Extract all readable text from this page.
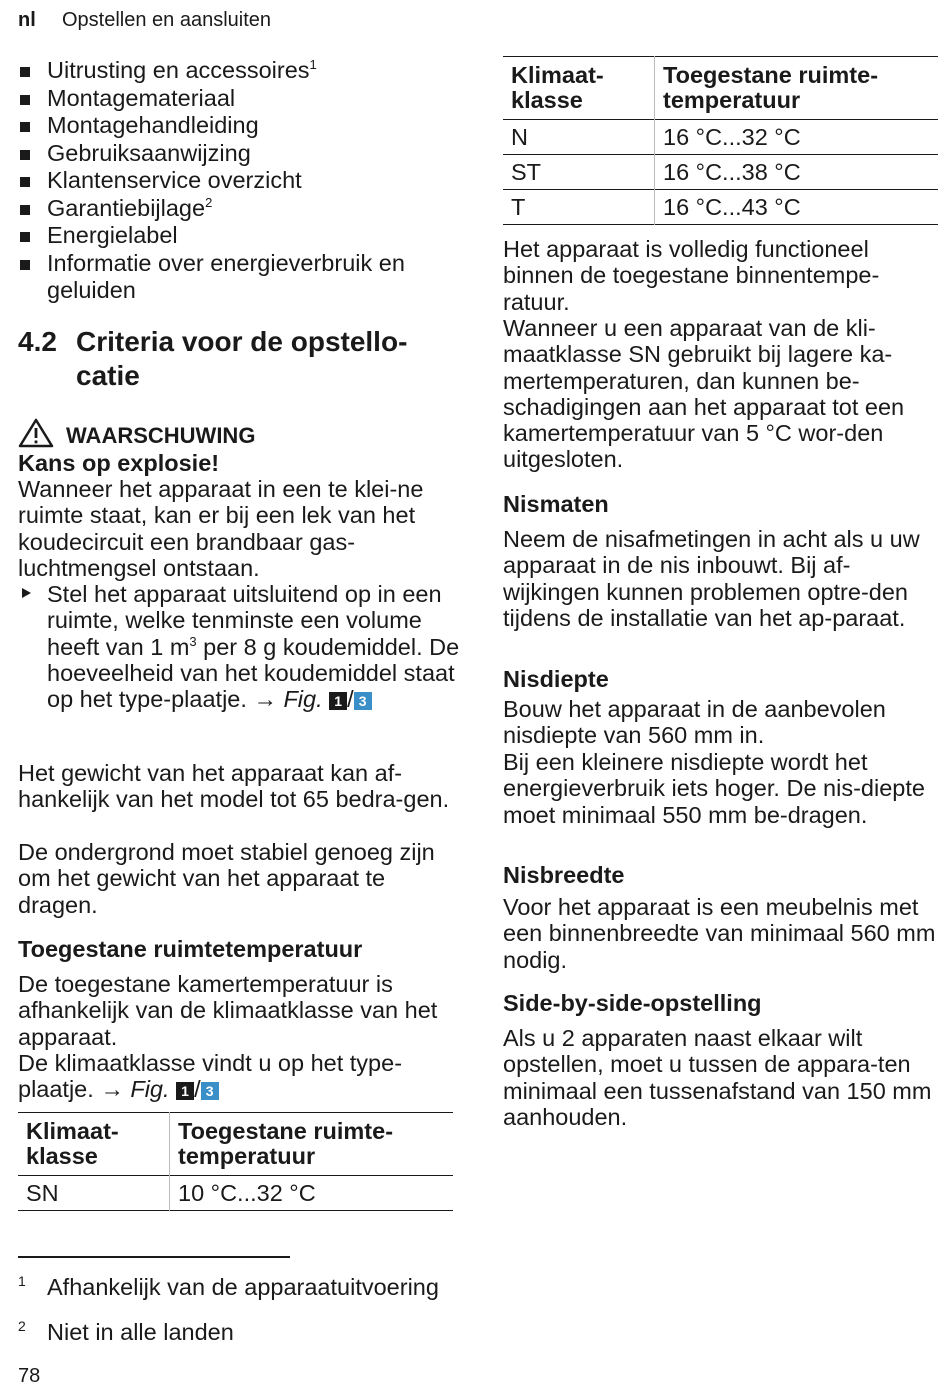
nl Opstellen en aansluiten
Uitrusting en accessoires$^1$
Montagemateriaal
Montagehandleiding
Gebruiksaanwijzing
Klantenservice overzicht
Garantiebijlage$^2$
Energielabel
Informatie over energieverbruik en geluiden
4.2 Criteria voor de opstello-catie
WAARSCHUWING
Kans op explosie!

Wanneer het apparaat in een te klei-ne ruimte staat, kan er bij een lek van het koudecircuit een brandbaar gas-luchtmengsel ontstaan.

Stel het apparaat uitsluitend op in een ruimte, welke tenminste een volume heeft van 1 $m^3$ per 8 g koudemiddel. De hoeveelheid van het koudemiddel staat op het type-plaatje. → Fig. 1 / 3

Het gewicht van het apparaat kan af-hankelijk van het model tot 65 bedra-gen.

De ondergrond moet stabiel genoeg zijn om het gewicht van het apparaat te dragen.

Toegestane ruimtetemperatuur

De toegestane kamertemperatuur is afhankelijk van de klimaatklasse van het apparaat.

De klimaatklasse vindt u op het type-plaatje. → Fig. 1 / 3

Klimaat-klasse	Toegestane ruimte-temperatuur
SN	10 °C...32 °C
Klimaat-klasse	Toegestane ruimte-temperatuur
N	16 °C...32 °C
ST	16 °C...38 °C
T	16 °C...43 °C

Het apparaat is volledig functioneel binnen de toegestane binnentempe-ratuur.

Wanneer u een apparaat van de kli-maatklasse SN gebruikt bij lagere ka-mertemperaturen, dan kunnen be-schadigingen aan het apparaat tot een kamertemperatuur van 5 °C wor-den uitgesloten.

Nismaten

Neem de nisafmetingen in acht als u uw apparaat in de nis inbouwt. Bij af-wijkingen kunnen problemen optre-den tijdens de installatie van het ap-paraat.

Nisdiepte

Bouw het apparaat in de aanbevolen nisdiepte van 560 mm in.

Bij een kleinere nisdiepte wordt het energieverbruik iets hoger. De nis-diepte moet minimaal 550 mm be-dragen.

Nisbreedte

Voor het apparaat is een meubelnis met een binnenbreedte van minimaal 560 mm nodig.

Side-by-side-opstelling

Als u 2 apparaten naast elkaar wilt opstellen, moet u tussen de appara-ten minimaal een tussenafstand van 150 mm aanhouden.

1 Afhankelijk van de apparaatuitvoering
2 Niet in alle landen
78
